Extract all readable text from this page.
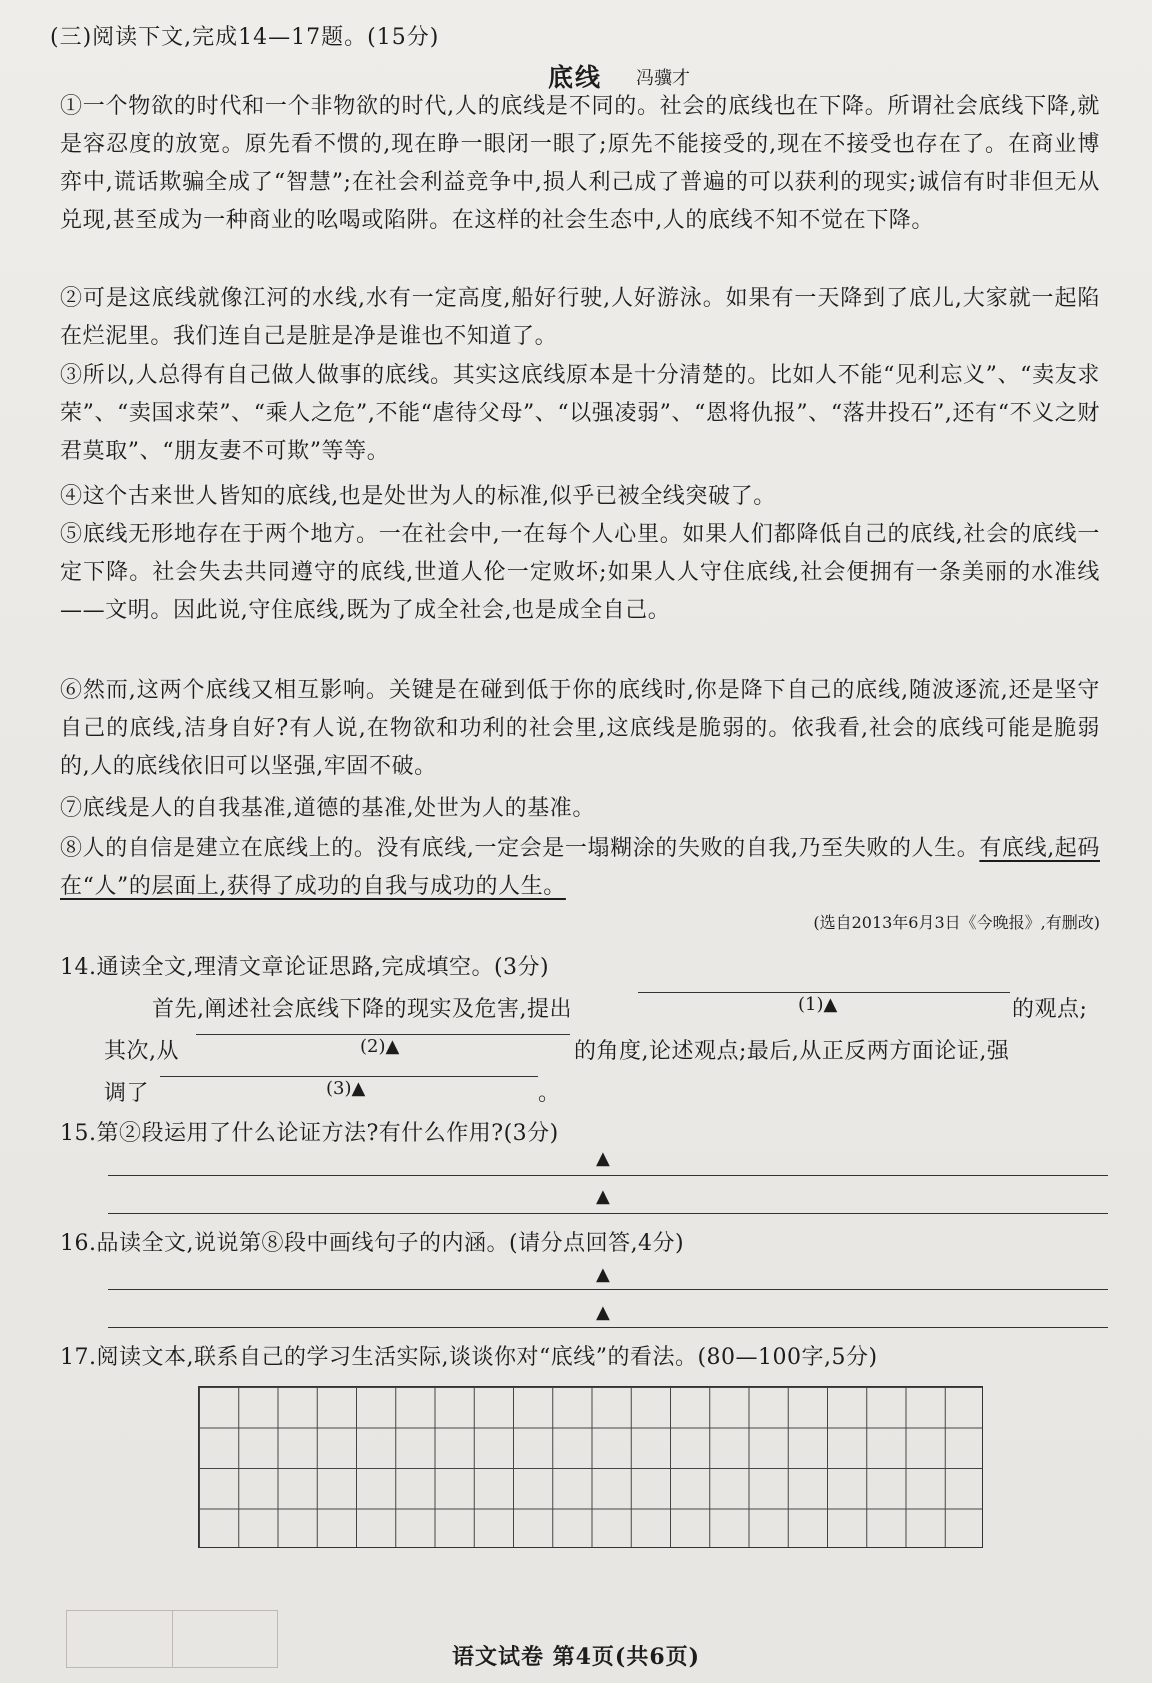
(三)阅读下文,完成14—17题。(15分)
底线 冯骥才

①一个物欲的时代和一个非物欲的时代,人的底线是不同的。社会的底线也在下降。所谓社会底线下降,就是容忍度的放宽。原先看不惯的,现在睁一眼闭一眼了;原先不能接受的,现在不接受也存在了。在商业博弈中,谎话欺骗全成了“智慧”;在社会利益竞争中,损人利己成了普遍的可以获利的现实;诚信有时非但无从兑现,甚至成为一种商业的吆喝或陷阱。在这样的社会生态中,人的底线不知不觉在下降。

②可是这底线就像江河的水线,水有一定高度,船好行驶,人好游泳。如果有一天降到了底儿,大家就一起陷在烂泥里。我们连自己是脏是净是谁也不知道了。

③所以,人总得有自己做人做事的底线。其实这底线原本是十分清楚的。比如人不能“见利忘义”、“卖友求荣”、“卖国求荣”、“乘人之危”,不能“虐待父母”、“以强凌弱”、“恩将仇报”、“落井投石”,还有“不义之财君莫取”、“朋友妻不可欺”等等。

④这个古来世人皆知的底线,也是处世为人的标准,似乎已被全线突破了。

⑤底线无形地存在于两个地方。一在社会中,一在每个人心里。如果人们都降低自己的底线,社会的底线一定下降。社会失去共同遵守的底线,世道人伦一定败坏;如果人人守住底线,社会便拥有一条美丽的水准线——文明。因此说,守住底线,既为了成全社会,也是成全自己。

⑥然而,这两个底线又相互影响。关键是在碰到低于你的底线时,你是降下自己的底线,随波逐流,还是坚守自己的底线,洁身自好?有人说,在物欲和功利的社会里,这底线是脆弱的。依我看,社会的底线可能是脆弱的,人的底线依旧可以坚强,牢固不破。

⑦底线是人的自我基准,道德的基准,处世为人的基准。

⑧人的自信是建立在底线上的。没有底线,一定会是一塌糊涂的失败的自我,乃至失败的人生。有底线,起码在“人”的层面上,获得了成功的自我与成功的人生。

(选自2013年6月3日《今晚报》,有删改)
14.通读全文,理清文章论证思路,完成填空。(3分)
首先,阐述社会底线下降的现实及危害,提出	(1)▲	的观点;
其次,从	(2)▲	的角度,论述观点;最后,从正反两方面论证,强
调了	(3)▲	。
15.第②段运用了什么论证方法?有什么作用?(3分)
▲
▲
16.品读全文,说说第⑧段中画线句子的内涵。(请分点回答,4分)
▲
▲
17.阅读文本,联系自己的学习生活实际,谈谈你对“底线”的看法。(80—100字,5分)
语文试卷 第4页(共6页)
